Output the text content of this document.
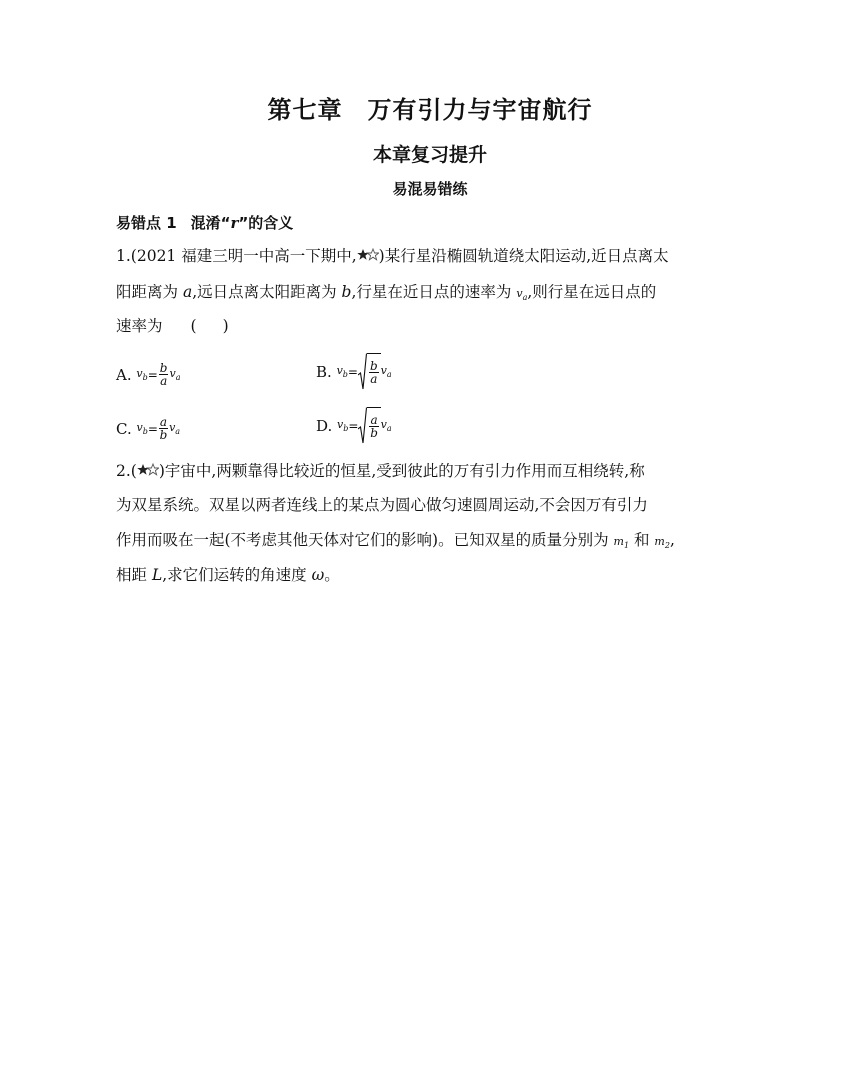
第七章　万有引力与宇宙航行
本章复习提升
易混易错练
易错点 1 混淆“r”的含义
1.(2021 福建三明一中高一下期中, )某行星沿椭圆轨道绕太阳运动,近日点离太
阳距离为 a,远日点离太阳距离为 b,行星在近日点的速率为 $v_a$,则行星在远日点的
速率为 ( )
A.
$v_b = \frac{b}{a} v_a$	B.
$v_b = \frac{b}{a} v_a$
C.
$v_b = \frac{a}{b} v_a$	D.
$v_b = \frac{a}{b} v_a$
2.( )宇宙中,两颗靠得比较近的恒星,受到彼此的万有引力作用而互相绕转,称
为双星系统。双星以两者连线上的某点为圆心做匀速圆周运动,不会因万有引力
作用而吸在一起(不考虑其他天体对它们的影响)。已知双星的质量分别为 $m_1$ 和 $m_2$,
相距 L,求它们运转的角速度 ω。
